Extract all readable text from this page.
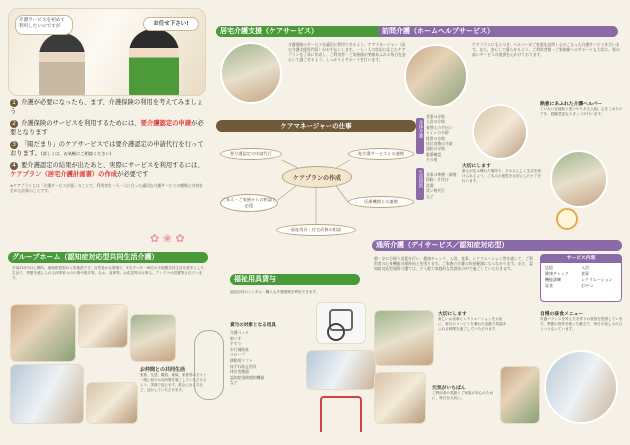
介護サービスを初めて利用したいのですが	お任せ下さい!
1 介護が必要になったら、まず、介護保険の利用を考えてみましょう
2 介護保険のサービスを利用するためには、要介護認定の申請が必要となります
3 「陽だまり」のケアサービスでは要介護認定の申請代行を行っております。(詳しくは、お気軽にご相談ください)
4 要介護認定の結果が出たあと、実際にサービスを利用するには、ケアプラン（居宅介護計画書）の作成が必要です
※ケアプランとは「介護サービス計画」のことで、利用者を一人一人に合った適切な介護サービスの種類と内容を定めた計画のことです。
✿ ❀ ✿
グループホーム（認知症対応型共同生活介護）
平成25年5月に開所。地域密着型の入所施設です。自然豊かな環境で、5名ずつを一単位の小規模共同生活を基本とした生活で、季節を感じられる四季折々の行事や散歩等。なお、食事等。お花見等の行事も。アンテナの設置等されています。
お仲間との共同生活
家族、友達、職員、地域、家族等の方々と一緒に穏やかな時間を過ごしていただけるよう、笑顔で迎えます。都会に出る方など、活かしていただけます。
居宅介護支援（ケアサービス）
介護保険のサービスを適切に利用できるよう、ケアマネージャー（居宅介護支援専門員）がお手伝いします。一人一人の状況に応じたケアプランを丁寧に作成し、ご利用者・ご家族様が笑顔あふれる毎日を安心して過ごせるよう、しっかりとサポートを行います。
ケアマネージャーの仕事
ケアプランの作成
要介護認定の申請代行	他介護サービスとの連携
ご本人・ご家族からの相談と応援
医療機関との連携
福祉用具・住宅改修の相談
福祉用具貸与
福祉用具のレンタル・購入も介護保険を利用できます。
貸与の対象となる用具
介護ベッド
車いす
手すり
歩行補助杖
スロープ
移動用リフト
床ずれ防止用具
体位変換器
認知症徘徊感知機器
など
訪問介護（ホームヘルプサービス）
ケアプランにもとづき、ヘルパーがご家庭を訪問し心のこもった介護サービスを行います。また、安心して暮らせるよう、ご利用者様・ご家族様へのサポートも大切に、質の高いサービスの提供を心がけております。
身体介護
食事の介助
入浴の介助
着替えの手伝い
トイレの介助
排泄の介助
体位変換の介助
通院の介助
服薬確認
その他
生活援助 食事の準備・調理
掃除・片付け
洗濯
買い物代行
など
熱意にあふれた介護ヘルパー
ていねいな援助と思いやりある人柄。心をこめたケアを、経験豊富なスタッフが行います。
大切にします
誰もが住み慣れた場所で、その人らしく生活を続けられるよう、ご本人の意思を大切にしたケアを行います。
通所介護（デイサービス／認知症対応型）
朝・夕に日帰り送迎を行い、健康チェック、入浴、食事、レクリエーション等を通して、ご利用者の心身機能の維持向上を図ります。ご家族の介護の負担軽減にもつながります。また、認知症対応型通所介護では、少人数で家庭的な雰囲気の中で過ごしていただきます。
サービス内容
送迎	入浴
健康チェック	食事
機能訓練	レクリエーション
昼食	おやつ
大切にします
楽しいお食事とレクリエーションを大切に、毎日のリハビリを兼ねた活動で笑顔あふれる時間を過ごしていただけます。
自慢の昼食メニュー
栄養バランスを考えた手作りの昼食を提供しています。季節の食材を使った献立で、毎日の楽しみのひとつとなっています。
元気がいちばん
ご利用者の笑顔とご家族の安心のために、毎日を大切に。
